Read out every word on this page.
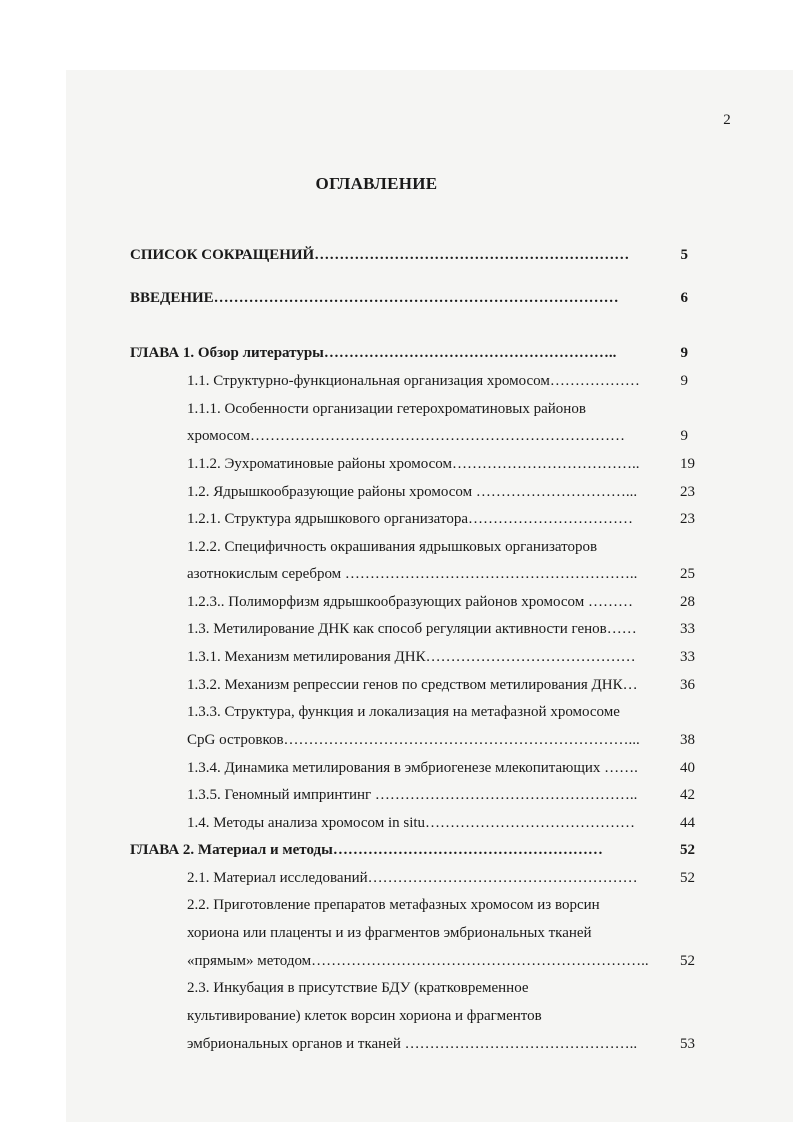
2
ОГЛАВЛЕНИЕ
СПИСОК СОКРАЩЕНИЙ………………………………………………………	5
ВВЕДЕНИЕ………………………………………………………………………	6
ГЛАВА 1. Обзор литературы…………………………………………………..	9
1.1. Структурно-функциональная организация хромосом………………	9
1.1.1. Особенности организации гетерохроматиновых районов
хромосом…………………………………………………………………	9
1.1.2. Эухроматиновые районы хромосом………………………………..	19
1.2. Ядрышкообразующие районы хромосом …………………………...	23
1.2.1. Структура ядрышкового организатора……………………………	23
1.2.2. Специфичность окрашивания ядрышковых организаторов
азотнокислым серебром …………………………………………………..	25
1.2.3.. Полиморфизм ядрышкообразующих районов хромосом ………	28
1.3. Метилирование ДНК как способ регуляции активности генов……	33
1.3.1. Механизм метилирования ДНК……………………………………	33
1.3.2. Механизм репрессии генов по средством метилирования ДНК…	36
1.3.3. Структура, функция и локализация на метафазной хромосоме
CpG островков……………………………………………………………...	38
1.3.4. Динамика метилирования в эмбриогенезе млекопитающих …….	40
1.3.5. Геномный импринтинг ……………………………………………..	42
1.4. Методы анализа хромосом in situ……………………………………	44
ГЛАВА 2. Материал и методы………………………………………………	52
2.1. Материал исследований………………………………………………	52
2.2. Приготовление препаратов метафазных хромосом из ворсин
хориона или плаценты и из фрагментов эмбриональных тканей
«прямым» методом…………………………………………………………..	52
2.3. Инкубация в присутствие БДУ (кратковременное
культивирование) клеток ворсин хориона и фрагментов
эмбриональных органов и тканей ………………………………………..	53
